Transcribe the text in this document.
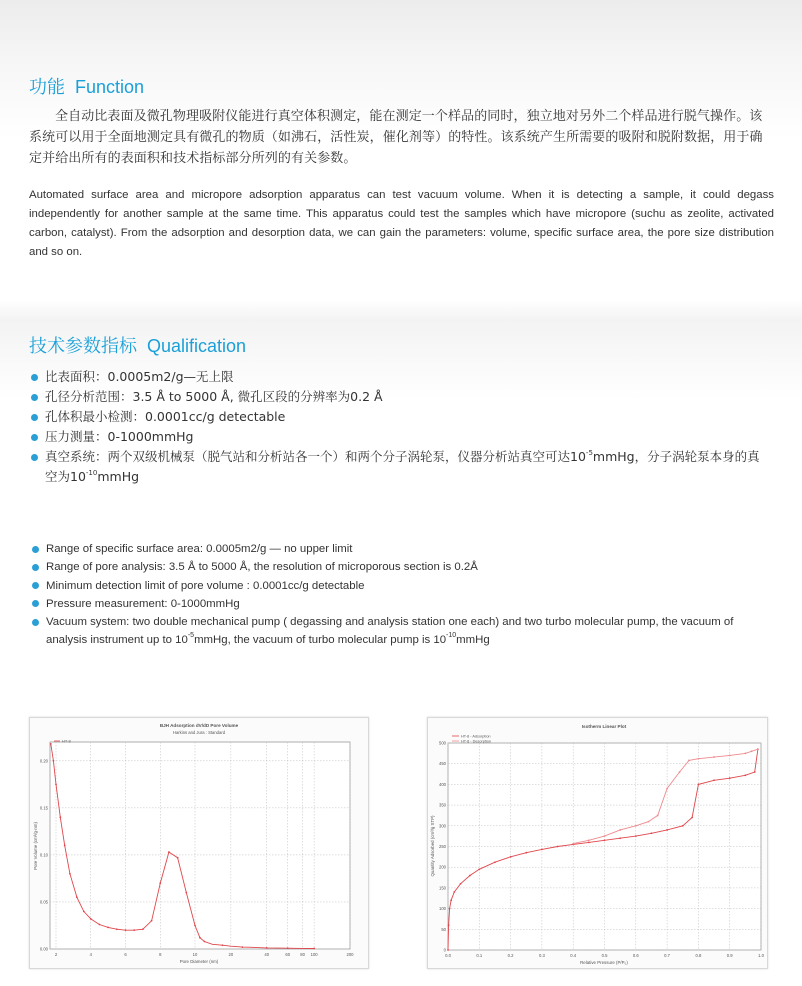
功能 Function

全自动比表面及微孔物理吸附仪能进行真空体积测定，能在测定一个样品的同时，独立地对另外二个样品进行脱气操作。该系统可以用于全面地测定具有微孔的物质（如沸石，活性炭，催化剂等）的特性。该系统产生所需要的吸附和脱附数据，用于确定并给出所有的表面积和技术指标部分所列的有关参数。

Automated surface area and micropore adsorption apparatus can test vacuum volume. When it is detecting a sample, it could degass independently for another sample at the same time. This apparatus could test the samples which have micropore (suchu as zeolite, activated carbon, catalyst). From the adsorption and desorption data, we can gain the parameters: volume, specific surface area, the pore size distribution and so on.

技术参数指标 Qualification
比表面积：0.0005m2/g—无上限
孔径分析范围：3.5 Å to 5000 Å, 微孔区段的分辨率为0.2 Å
孔体积最小检测：0.0001cc/g detectable
压力测量：0-1000mmHg
真空系统：两个双级机械泵（脱气站和分析站各一个）和两个分子涡轮泵，仪器分析站真空可达$10^{-5}mmHg$，分子涡轮泵本身的真空为$10^{-10}mmHg$
Range of specific surface area: 0.0005m2/g — no upper limit
Range of pore analysis: 3.5 Å to 5000 Å, the resolution of microporous section is 0.2Å
Minimum detection limit of pore volume : 0.0001cc/g detectable
Pressure measurement: 0-1000mmHg
Vacuum system: two double mechanical pump ( degassing and analysis station one each) and two turbo molecular pump, the vacuum of analysis instrument up to $10^{-5}mmHg$, the vacuum of turbo molecular pump is $10^{-10}mmHg$
2	4	6	8	10	20	40	60 80 100	200
0.00
0.05
0.10
0.15
0.20
BJH Adsorption dV/dD Pore Volume
Harkins and Jura : Standard
Pore Diameter (nm)
Pore Volume (cm³/g·nm)
HT-8
0.0
0
0.1
50
0.2
100
0.3
150
0.4
200
0.5
250
0.6
300
0.7
350
0.8
400
0.9
450
1.0
500
Isotherm Linear Plot
Relative Pressure (P/P₀)
Quantity Adsorbed (cm³/g STP)
HT-8 - Adsorption
HT-8 - Desorption
